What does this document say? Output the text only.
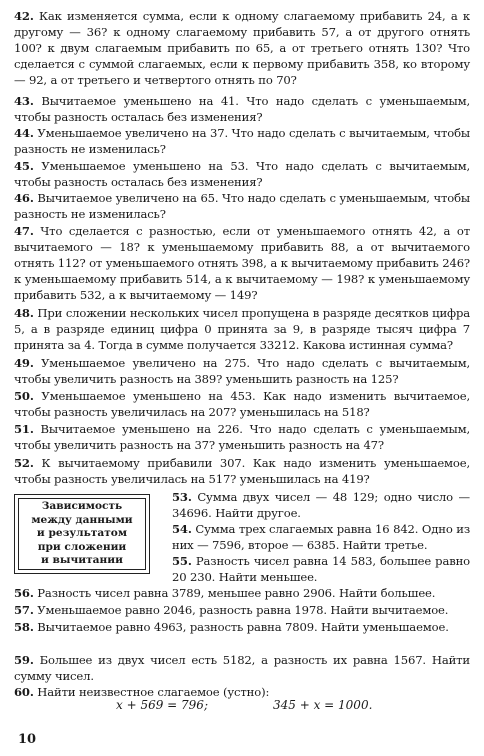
42. Как изменяется сумма, если к одному слагаемому прибавить 24, а к другому — 36? к одному слагаемому прибавить 57, а от другого отнять 100? к двум слагаемым прибавить по 65, а от третьего отнять 130? Что сделается с суммой слагаемых, если к первому прибавить 358, ко второму — 92, а от третьего и четвертого отнять по 70?

43. Вычитаемое уменьшено на 41. Что надо сделать с уменьшаемым, чтобы разность осталась без изменения?

44. Уменьшаемое увеличено на 37. Что надо сделать с вычитаемым, чтобы разность не изменилась?

45. Уменьшаемое уменьшено на 53. Что надо сделать с вычитаемым, чтобы разность осталась без изменения?

46. Вычитаемое увеличено на 65. Что надо сделать с уменьшаемым, чтобы разность не изменилась?

47. Что сделается с разностью, если от уменьшаемого отнять 42, а от вычитаемого — 18? к уменьшаемому прибавить 88, а от вычитаемого отнять 112? от уменьшаемого отнять 398, а к вычитаемому прибавить 246? к уменьшаемому прибавить 514, а к вычитаемому — 198? к уменьшаемому прибавить 532, а к вычитаемому — 149?

48. При сложении нескольких чисел пропущена в разряде десятков цифра 5, а в разряде единиц цифра 0 принята за 9, в разряде тысяч цифра 7 принята за 4. Тогда в сумме получается 33212. Какова истинная сумма?

49. Уменьшаемое увеличено на 275. Что надо сделать с вычитаемым, чтобы увеличить разность на 389? уменьшить разность на 125?

50. Уменьшаемое уменьшено на 453. Как надо изменить вычитаемое, чтобы разность увеличилась на 207? уменьшилась на 518?

51. Вычитаемое уменьшено на 226. Что надо сделать с уменьшаемым, чтобы увеличить разность на 37? уменьшить разность на 47?

52. К вычитаемому прибавили 307. Как надо изменить уменьшаемое, чтобы разность увеличилась на 517? уменьшилась на 419?

Зависимость
между данными
и результатом
при сложении
и вычитании

53. Сумма двух чисел — 48 129; одно число — 34696. Найти другое.

54. Сумма трех слагаемых равна 16 842. Одно из них — 7596, второе — 6385. Найти третье.

55. Разность чисел равна 14 583, большее равно 20 230. Найти меньшее.

56. Разность чисел равна 3789, меньшее равно 2906. Найти большее.

57. Уменьшаемое равно 2046, разность равна 1978. Найти вычитаемое.

58. Вычитаемое равно 4963, разность равна 7809. Найти уменьшаемое.

59. Большее из двух чисел есть 5182, а разность их равна 1567. Найти сумму чисел.

60. Найти неизвестное слагаемое (устно):

x + 569 = 796;	345 + x = 1000.
10
